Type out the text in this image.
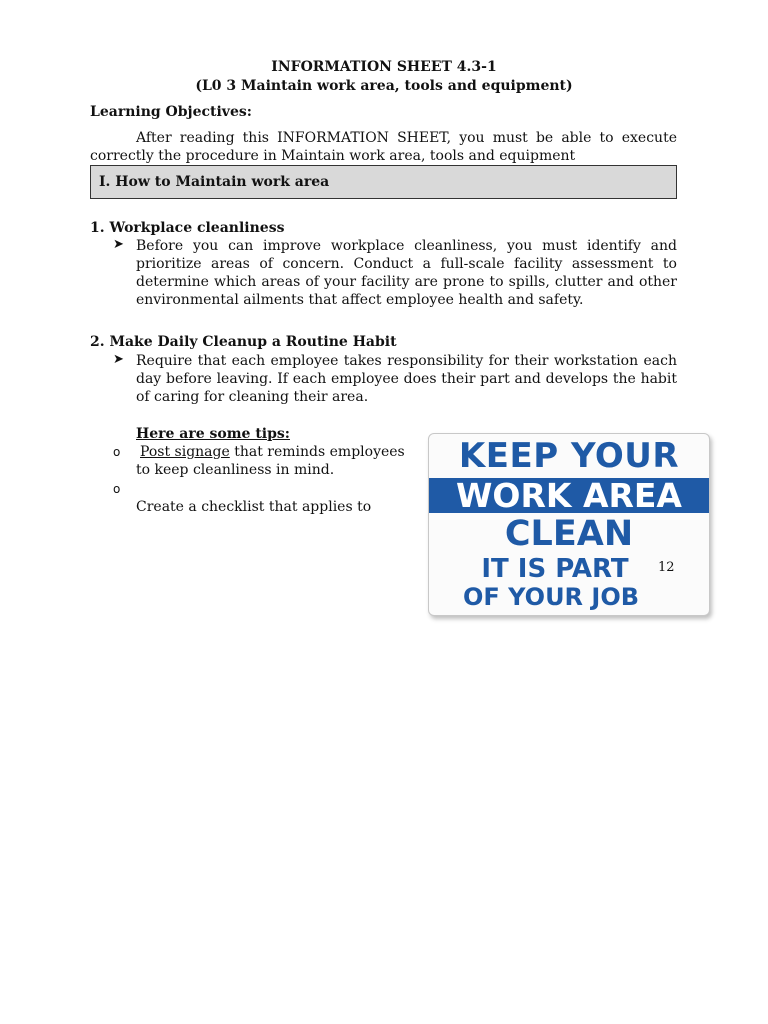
INFORMATION SHEET 4.3-1
(L0 3 Maintain work area, tools and equipment)
Learning Objectives:
After reading this INFORMATION SHEET, you must be able to execute correctly the procedure in Maintain work area, tools and equipment
I. How to Maintain work area
1. Workplace cleanliness
➤ Before you can improve workplace cleanliness, you must identify and prioritize areas of concern. Conduct a full-scale facility assessment to determine which areas of your facility are prone to spills, clutter and other environmental ailments that affect employee health and safety.
2. Make Daily Cleanup a Routine Habit
➤ Require that each employee takes responsibility for their workstation each day before leaving. If each employee does their part and develops the habit of caring for cleaning their area.
Here are some tips:
o Post signage that reminds employees
to keep cleanliness in mind.
o
Create a checklist that applies to
KEEP YOUR
WORK AREA
CLEAN
IT IS PART
OF YOUR JOB
12
